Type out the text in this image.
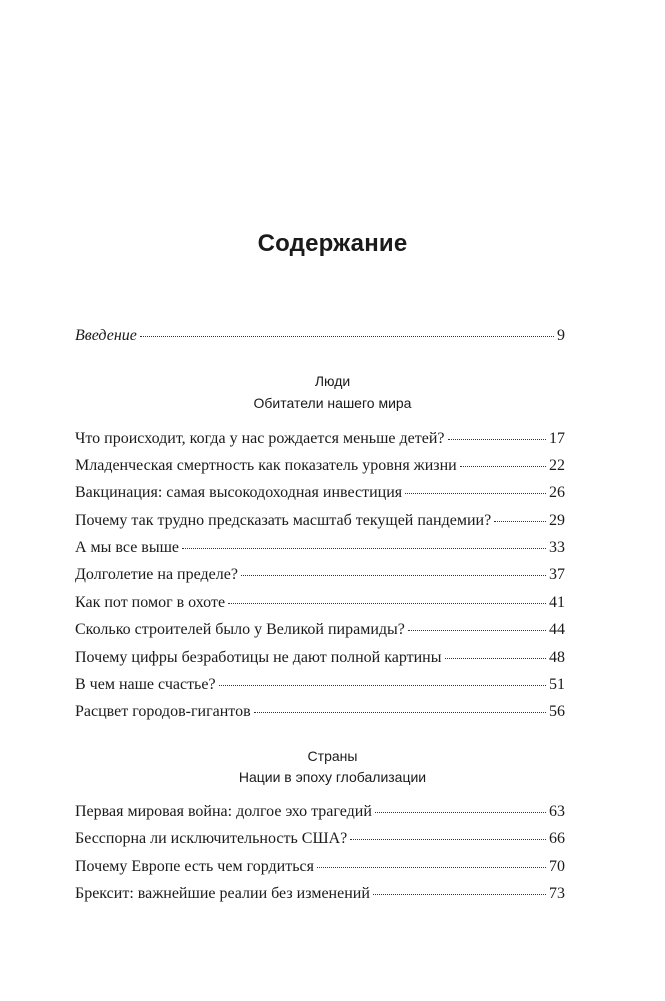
Содержание
Введение	9
Люди
Обитатели нашего мира
Что происходит, когда у нас рождается меньше детей?	17
Младенческая смертность как показатель уровня жизни	22
Вакцинация: самая высокодоходная инвестиция	26
Почему так трудно предсказать масштаб текущей пандемии?	29
А мы все выше	33
Долголетие на пределе?	37
Как пот помог в охоте	41
Сколько строителей было у Великой пирамиды?	44
Почему цифры безработицы не дают полной картины	48
В чем наше счастье?	51
Расцвет городов-гигантов	56
Страны
Нации в эпоху глобализации
Первая мировая война: долгое эхо трагедий	63
Бесспорна ли исключительность США?	66
Почему Европе есть чем гордиться	70
Брексит: важнейшие реалии без изменений	73
